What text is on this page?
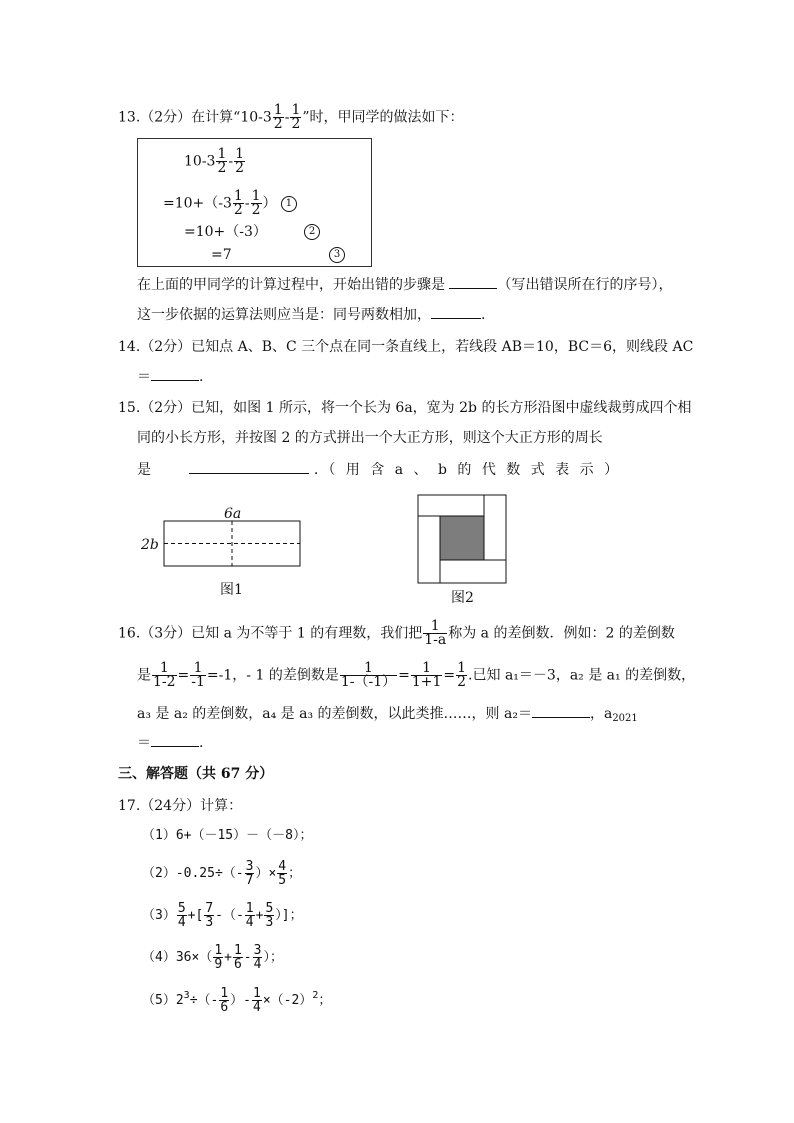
13.（2分）在计算“$10-3 \frac{1}{2} - \frac{1}{2}$ ”时，甲同学的做法如下：
$10-3 \frac{1}{2} - \frac{1}{2}$
$=10+(-3 \frac{1}{2} - \frac{1}{2}$ ） 1
=10+（-3）	2
=7	3
在上面的甲同学的计算过程中，开始出错的步骤是	（写出错误所在行的序号），
这一步依据的运算法则应当是：同号两数相加，	.
14.（2分）已知点 A、B、C 三个点在同一条直线上，若线段 AB＝10，BC＝6，则线段 AC
＝	.
15.（2分）已知，如图 1 所示，将一个长为 6a，宽为 2b 的长方形沿图中虚线裁剪成四个相
同的小长方形，并按图 2 的方式拼出一个大正方形，则这个大正方形的周长
是	.（ 用 含 a 、 b 的 代 数 式 表 示 ）
6a
2b
图1	图2
16.（3分）已知 a 为不等于 1 的有理数，我们把 $\frac{1}{1-a}$ 称为 a 的差倒数．例如：2 的差倒数
是 $\frac{1}{1-2} = \frac{1}{-1} =-1$，- 1 的差倒数是 $\frac{1}{1-(-1)} = \frac{1}{1+1} = \frac{1}{2}$ .已知 a₁＝－3，a₂ 是 a₁ 的差倒数，
a₃ 是 a₂ 的差倒数，a₄ 是 a₃ 的差倒数，以此类推……，则 a₂＝	，$a_{2021}$
＝	.
三、解答题（共 67 分）
17.（24分）计算：
（1）6+（－15）－（－8）；
$(2)-0.25\div(- \frac{3}{7}$ ）× $\frac{4}{5}$ ；
$(3) \frac{5}{4}$ +[ $\frac{7}{3}$ -（- $\frac{1}{4} + \frac{5}{3}$ ）]；
$(4)36\times( \frac{1}{9} + \frac{1}{6} - \frac{3}{4}$ ）；
$(5)2^3\div(- \frac{1}{6}$ ）- $\frac{1}{4} \times(-2)^2$；
